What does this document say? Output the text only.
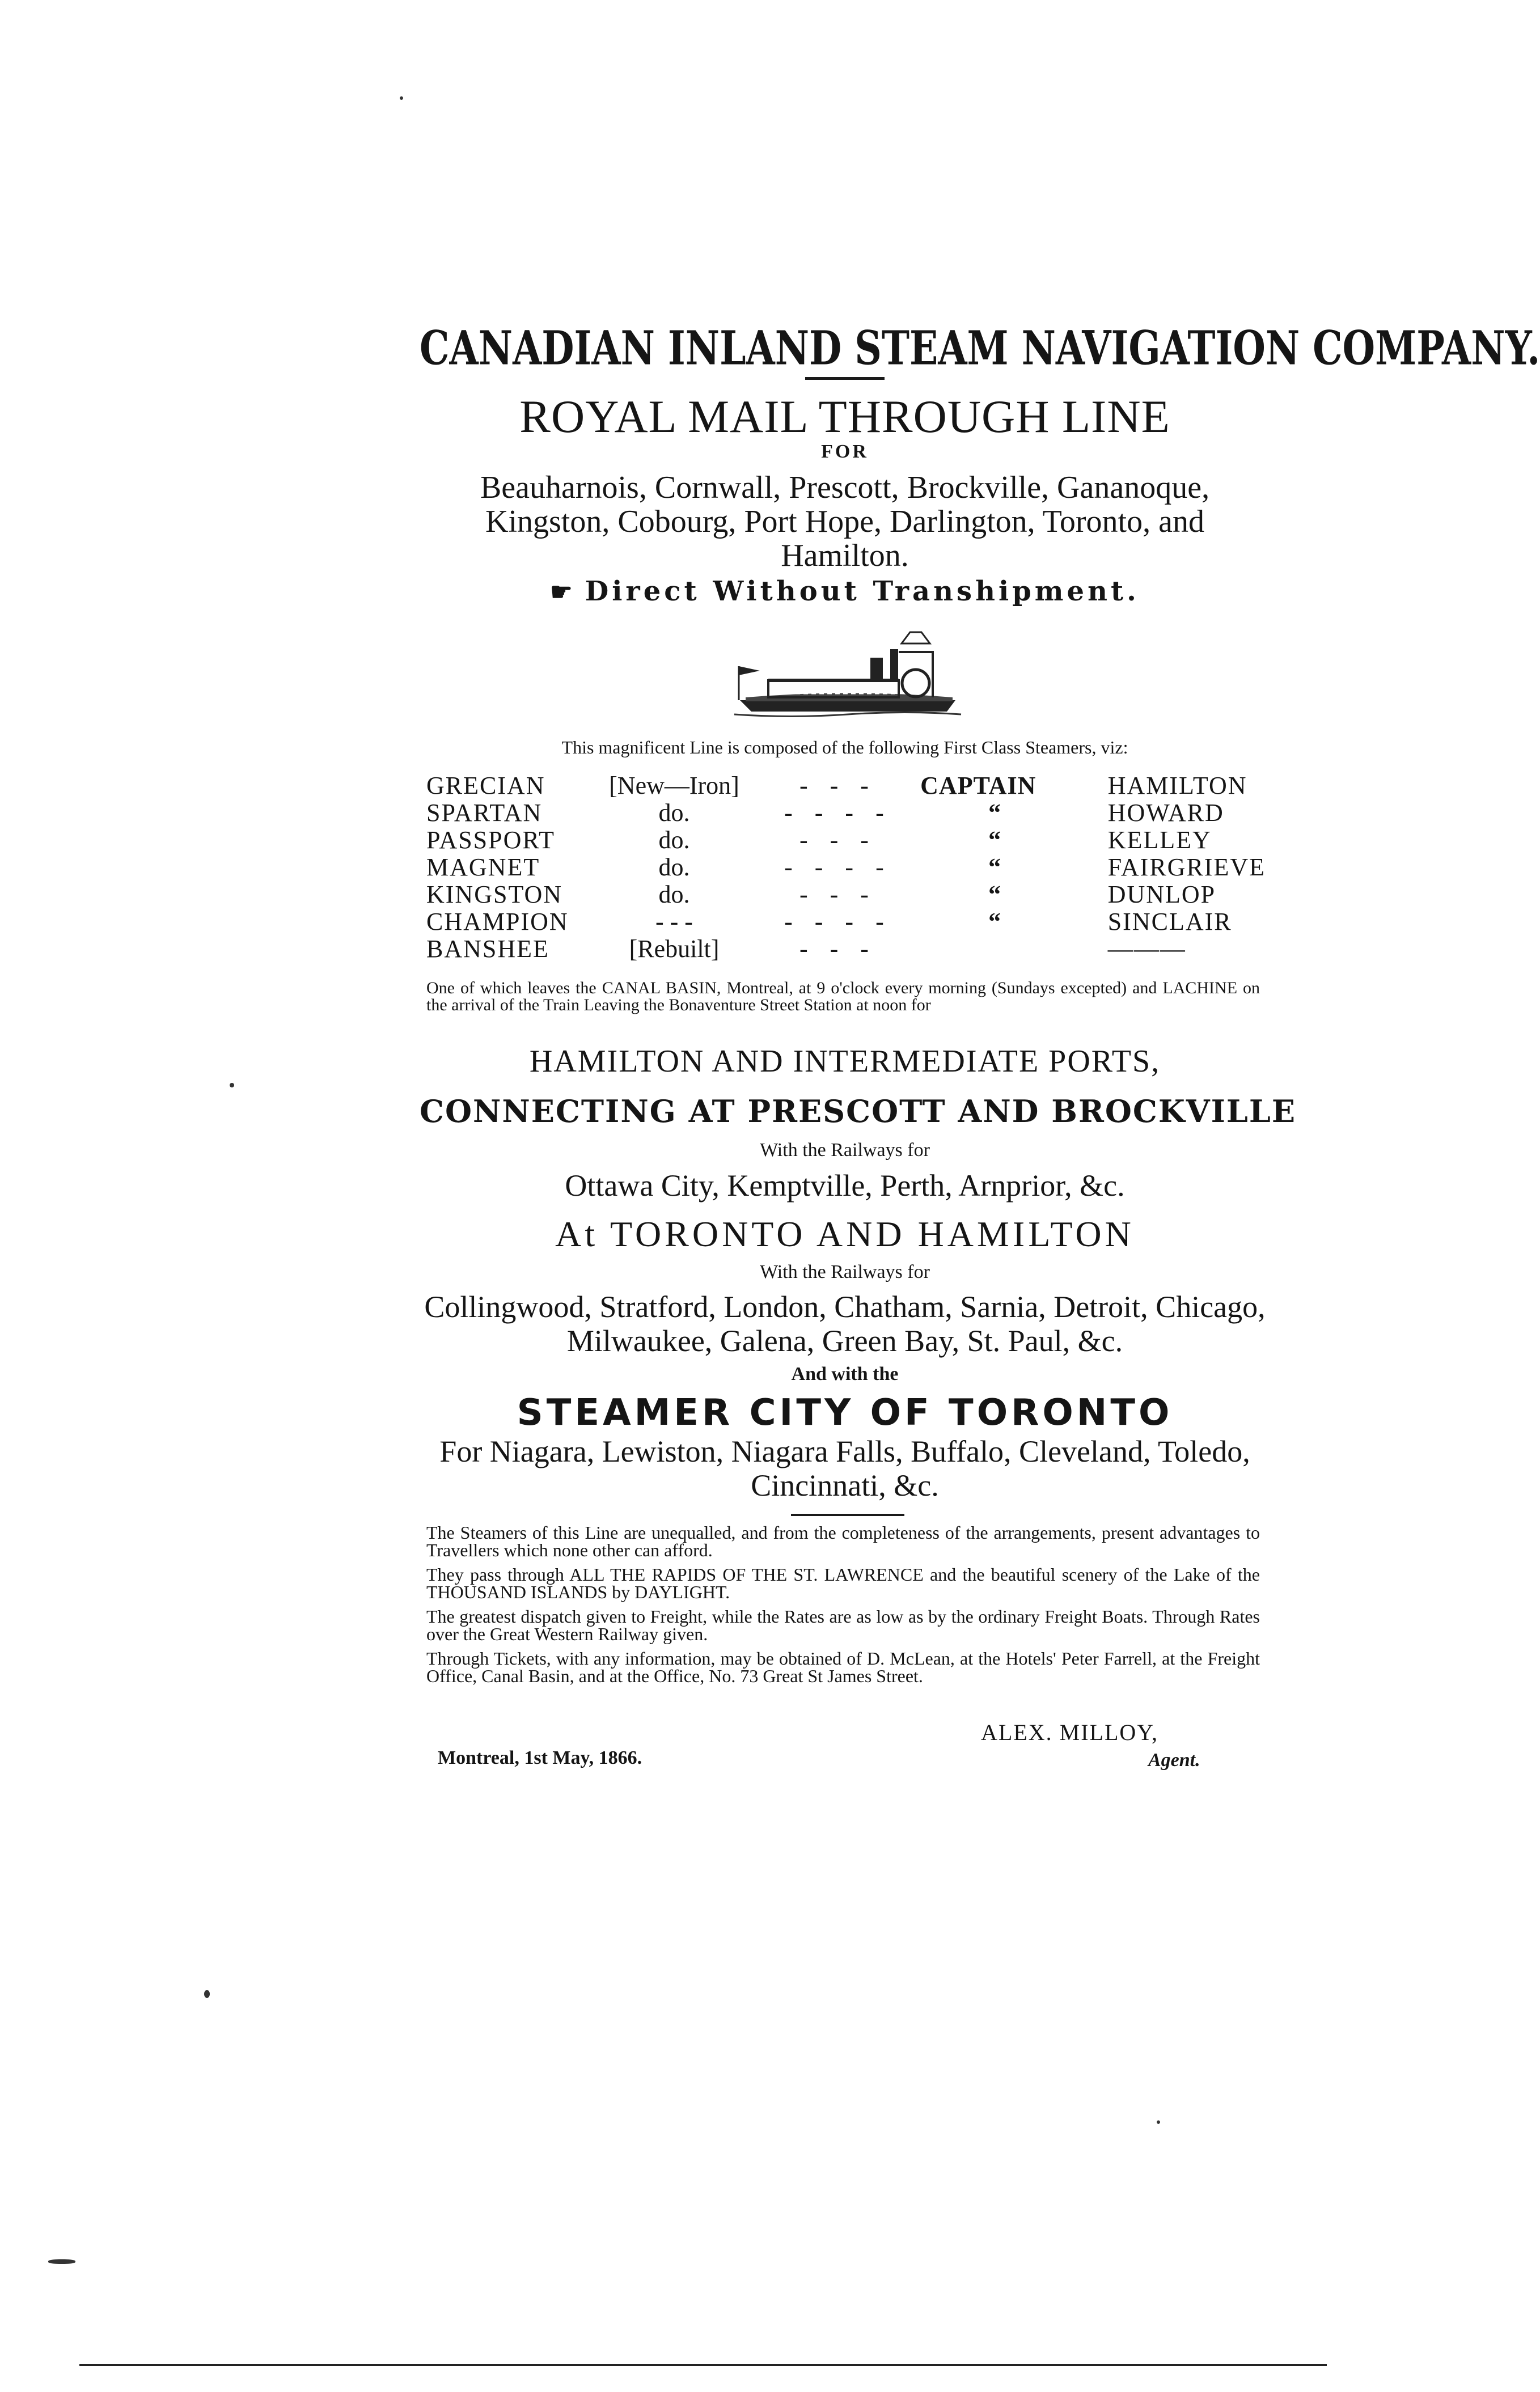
CANADIAN INLAND STEAM NAVIGATION COMPANY.
ROYAL MAIL THROUGH LINE
FOR
Beauharnois, Cornwall, Prescott, Brockville, Gananoque, Kingston, Cobourg, Port Hope, Darlington, Toronto, and Hamilton.
☛ Direct Without Transhipment.
This magnificent Line is composed of the following First Class Steamers, viz:
GRECIAN	[New—Iron]	- - -	CAPTAIN	HAMILTON
SPARTAN	do.	- - - -	“	HOWARD
PASSPORT	do.	- - -	“	KELLEY
MAGNET	do.	- - - -	“	FAIRGRIEVE
KINGSTON	do.	- - -	“	DUNLOP
CHAMPION	- - -	- - - -	“	SINCLAIR
BANSHEE	[Rebuilt]	- - -		———
One of which leaves the CANAL BASIN, Montreal, at 9 o'clock every morning (Sundays excepted) and LACHINE on the arrival of the Train Leaving the Bonaventure Street Station at noon for
HAMILTON AND INTERMEDIATE PORTS,
CONNECTING AT PRESCOTT AND BROCKVILLE
With the Railways for
Ottawa City, Kemptville, Perth, Arnprior, &c.
At TORONTO AND HAMILTON
With the Railways for
Collingwood, Stratford, London, Chatham, Sarnia, Detroit, Chicago, Milwaukee, Galena, Green Bay, St. Paul, &c.
And with the
STEAMER CITY OF TORONTO
For Niagara, Lewiston, Niagara Falls, Buffalo, Cleveland, Toledo, Cincinnati, &c.

The Steamers of this Line are unequalled, and from the completeness of the arrangements, present advantages to Travellers which none other can afford.

They pass through ALL THE RAPIDS OF THE ST. LAWRENCE and the beautiful scenery of the Lake of the THOUSAND ISLANDS by DAYLIGHT.

The greatest dispatch given to Freight, while the Rates are as low as by the ordinary Freight Boats. Through Rates over the Great Western Railway given.

Through Tickets, with any information, may be obtained of D. McLean, at the Hotels' Peter Farrell, at the Freight Office, Canal Basin, and at the Office, No. 73 Great St James Street.

ALEX. MILLOY,
Montreal, 1st May, 1866.	Agent.
